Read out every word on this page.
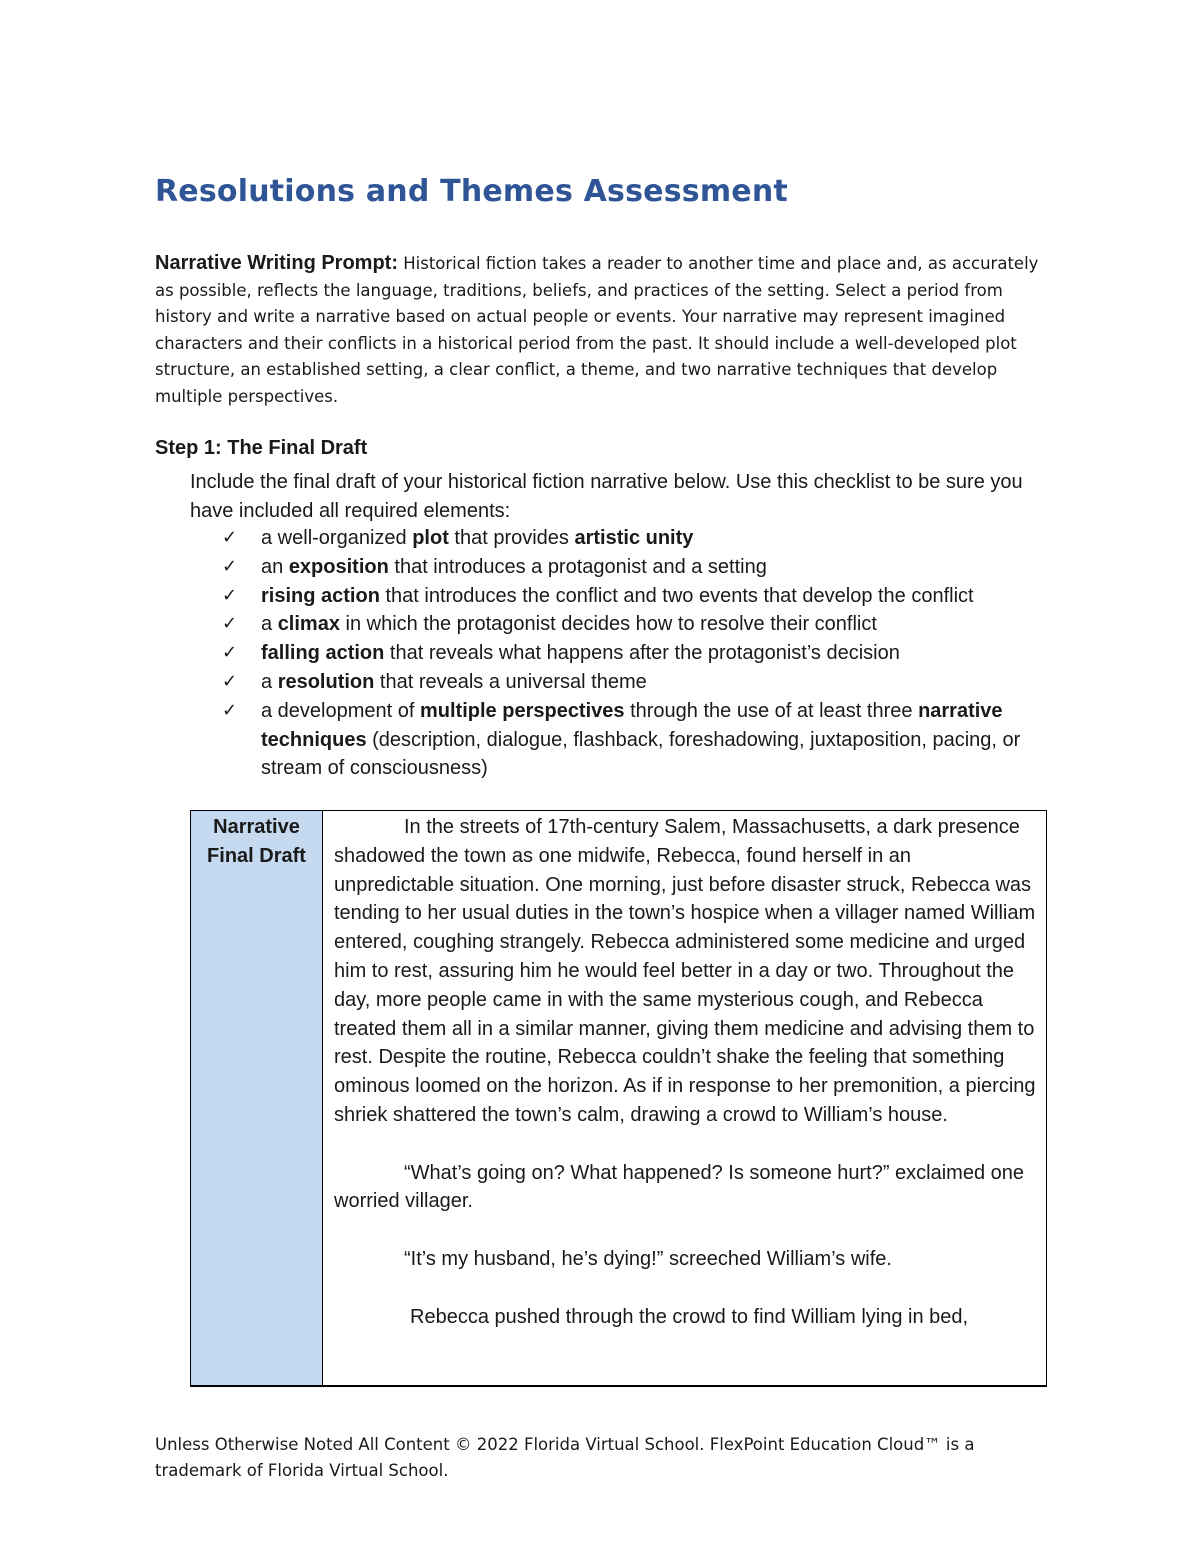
Resolutions and Themes Assessment

Narrative Writing Prompt: Historical fiction takes a reader to another time and place and, as accurately as possible, reflects the language, traditions, beliefs, and practices of the setting. Select a period from history and write a narrative based on actual people or events. Your narrative may represent imagined characters and their conflicts in a historical period from the past. It should include a well-developed plot structure, an established setting, a clear conflict, a theme, and two narrative techniques that develop multiple perspectives.

Step 1: The Final Draft

Include the final draft of your historical fiction narrative below. Use this checklist to be sure you have included all required elements:

✓ a well-organized plot that provides artistic unity
✓ an exposition that introduces a protagonist and a setting
✓ rising action that introduces the conflict and two events that develop the conflict
✓ a climax in which the protagonist decides how to resolve their conflict
✓ falling action that reveals what happens after the protagonist’s decision
✓ a resolution that reveals a universal theme
✓ a development of multiple perspectives through the use of at least three narrative techniques (description, dialogue, flashback, foreshadowing, juxtaposition, pacing, or stream of consciousness)
Narrative Final Draft	

In the streets of 17th-century Salem, Massachusetts, a dark presence shadowed the town as one midwife, Rebecca, found herself in an unpredictable situation. One morning, just before disaster struck, Rebecca was tending to her usual duties in the town’s hospice when a villager named William entered, coughing strangely. Rebecca administered some medicine and urged him to rest, assuring him he would feel better in a day or two. Throughout the day, more people came in with the same mysterious cough, and Rebecca treated them all in a similar manner, giving them medicine and advising them to rest. Despite the routine, Rebecca couldn’t shake the feeling that something ominous loomed on the horizon. As if in response to her premonition, a piercing shriek shattered the town’s calm, drawing a crowd to William’s house.

“What’s going on? What happened? Is someone hurt?” exclaimed one worried villager.

“It’s my husband, he’s dying!” screeched William’s wife.

Rebecca pushed through the crowd to find William lying in bed,

Unless Otherwise Noted All Content © 2022 Florida Virtual School. FlexPoint Education Cloud™ is a trademark of Florida Virtual School.
